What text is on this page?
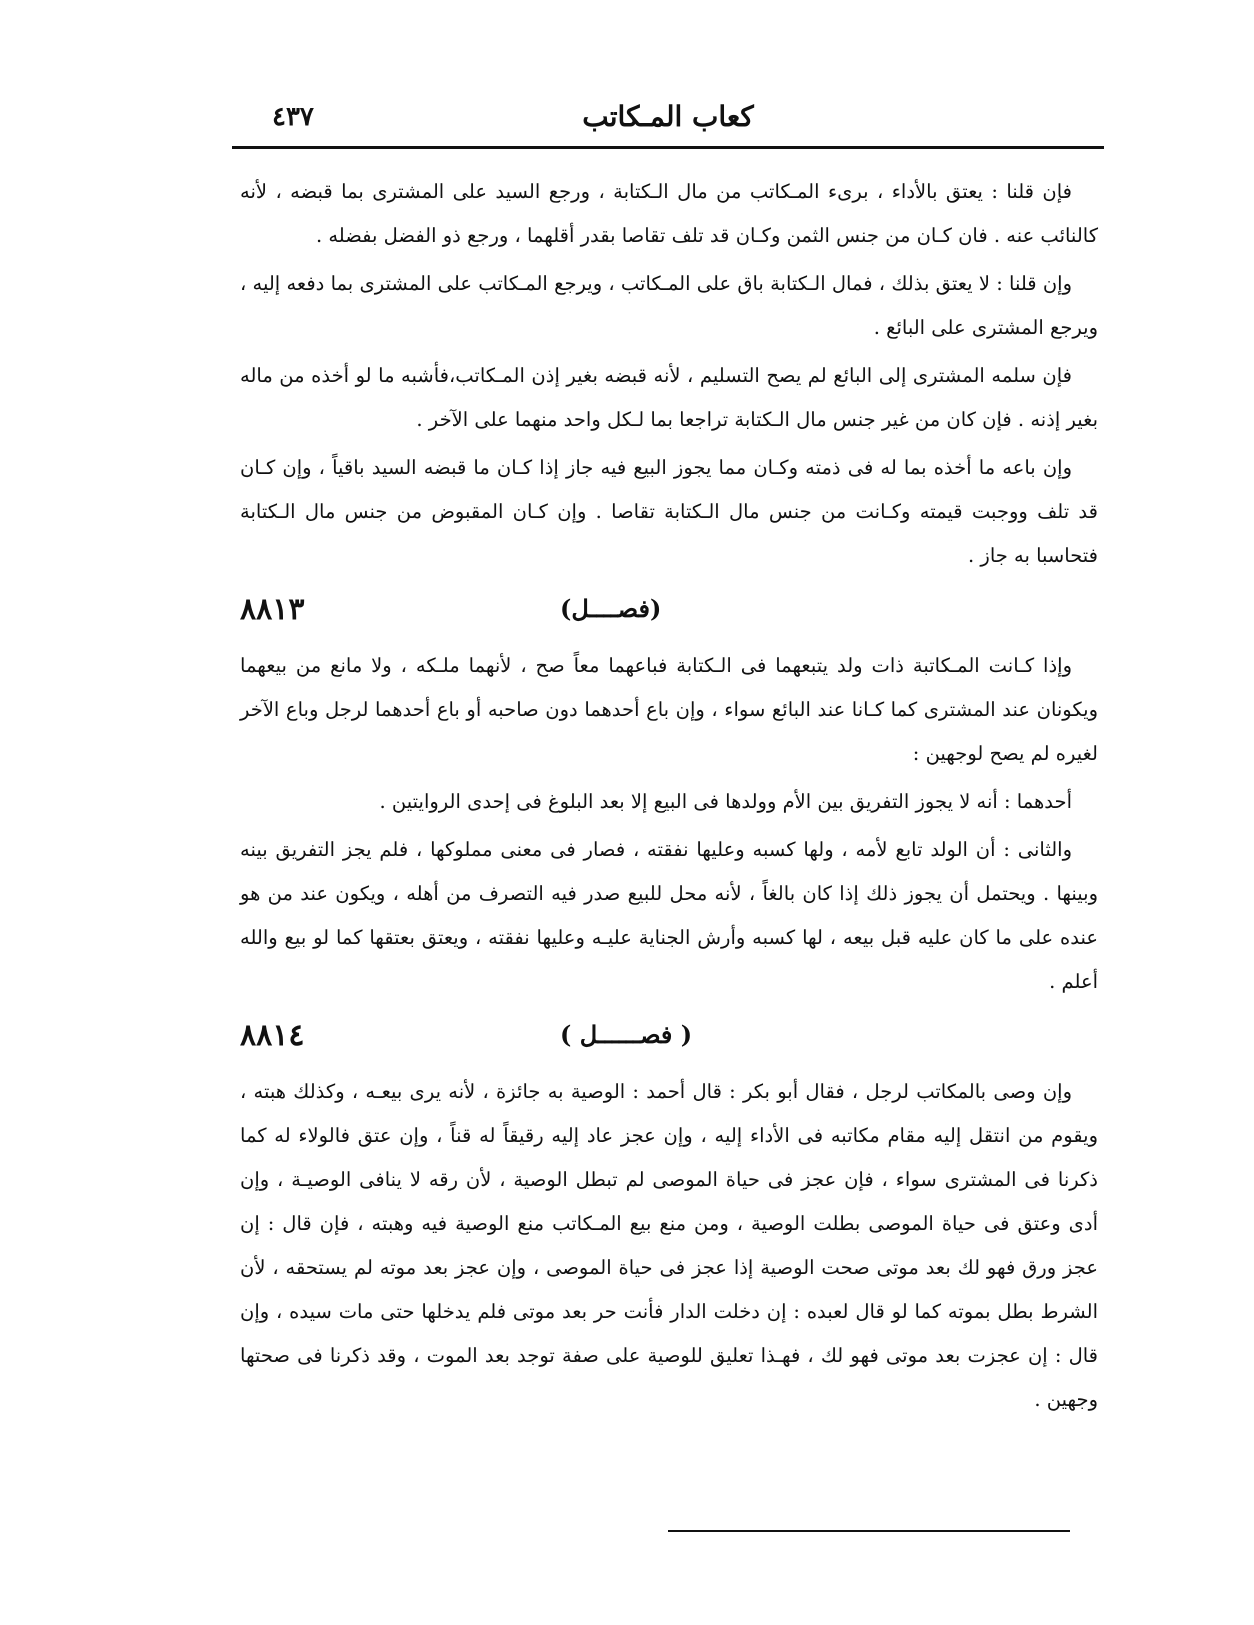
٤٣٧	كعاب المـكاتب

فإن قلنا : يعتق بالأداء ، برىء المـكاتب من مال الـكتابة ، ورجع السيد على المشترى بما قبضه ، لأنه كالنائب عنه . فان كـان من جنس الثمن وكـان قد تلف تقاصا بقدر أقلهما ، ورجع ذو الفضل بفضله .

وإن قلنا : لا يعتق بذلك ، فمال الـكتابة باق على المـكاتب ، ويرجع المـكاتب على المشترى بما دفعه إليه ، ويرجع المشترى على البائع .

فإن سلمه المشترى إلى البائع لم يصح التسليم ، لأنه قبضه بغير إذن المـكاتب،فأشبه ما لو أخذه من ماله بغير إذنه . فإن كان من غير جنس مال الـكتابة تراجعا بما لـكل واحد منهما على الآخر .

وإن باعه ما أخذه بما له فى ذمته وكـان مما يجوز البيع فيه جاز إذا كـان ما قبضه السيد باقياً ، وإن كـان قد تلف ووجبت قيمته وكـانت من جنس مال الـكتابة تقاصا . وإن كـان المقبوض من جنس مال الـكتابة فتحاسبا به جاز .

٨٨١٣	(فصــــل)

وإذا كـانت المـكاتبة ذات ولد يتبعهما فى الـكتابة فباعهما معاً صح ، لأنهما ملـكه ، ولا مانع من بيعهما ويكونان عند المشترى كما كـانا عند البائع سواء ، وإن باع أحدهما دون صاحبه أو باع أحدهما لرجل وباع الآخر لغيره لم يصح لوجهين :

أحدهما : أنه لا يجوز التفريق بين الأم وولدها فى البيع إلا بعد البلوغ فى إحدى الروايتين .

والثانى : أن الولد تابع لأمه ، ولها كسبه وعليها نفقته ، فصار فى معنى مملوكها ، فلم يجز التفريق بينه وبينها . ويحتمل أن يجوز ذلك إذا كان بالغاً ، لأنه محل للبيع صدر فيه التصرف من أهله ، ويكون عند من هو عنده على ما كان عليه قبل بيعه ، لها كسبه وأرش الجناية عليـه وعليها نفقته ، ويعتق بعتقها كما لو بيع والله أعلم .

٨٨١٤	( فصــــــل )

وإن وصى بالمكاتب لرجل ، فقال أبو بكر : قال أحمد : الوصية به جائزة ، لأنه يرى بيعـه ، وكذلك هبته ، ويقوم من انتقل إليه مقام مكاتبه فى الأداء إليه ، وإن عجز عاد إليه رقيقاً له قناً ، وإن عتق فالولاء له كما ذكرنا فى المشترى سواء ، فإن عجز فى حياة الموصى لم تبطل الوصية ، لأن رقه لا ينافى الوصيـة ، وإن أدى وعتق فى حياة الموصى بطلت الوصية ، ومن منع بيع المـكاتب منع الوصية فيه وهبته ، فإن قال : إن عجز ورق فهو لك بعد موتى صحت الوصية إذا عجز فى حياة الموصى ، وإن عجز بعد موته لم يستحقه ، لأن الشرط بطل بموته كما لو قال لعبده : إن دخلت الدار فأنت حر بعد موتى فلم يدخلها حتى مات سيده ، وإن قال : إن عجزت بعد موتى فهو لك ، فهـذا تعليق للوصية على صفة توجد بعد الموت ، وقد ذكرنا فى صحتها وجهين .
